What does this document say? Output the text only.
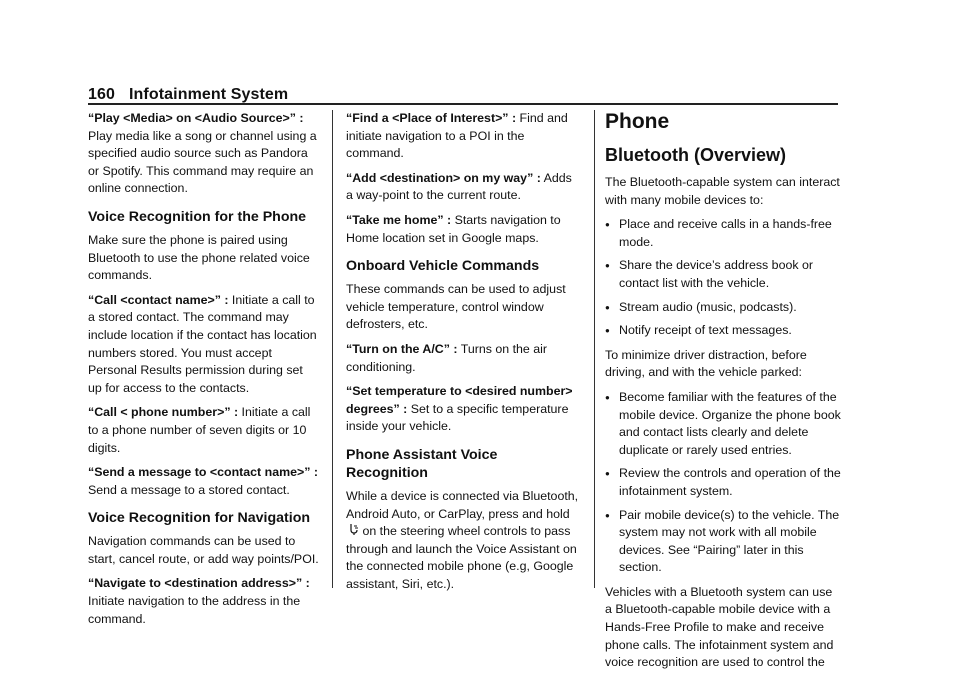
160 Infotainment System

“Play <Media> on <Audio Source>” : Play media like a song or channel using a specified audio source such as Pandora or Spotify. This command may require an online connection.

Voice Recognition for the Phone

Make sure the phone is paired using Bluetooth to use the phone related voice commands.

“Call <contact name>” : Initiate a call to a stored contact. The command may include location if the contact has location numbers stored. You must accept Personal Results permission during set up for access to the contacts.

“Call < phone number>” : Initiate a call to a phone number of seven digits or 10 digits.

“Send a message to <contact name>” : Send a message to a stored contact.

Voice Recognition for Navigation

Navigation commands can be used to start, cancel route, or add way points/POI.

“Navigate to <destination address>” : Initiate navigation to the address in the command.

“Find a <Place of Interest>” : Find and initiate navigation to a POI in the command.

“Add <destination> on my way” : Adds a way-point to the current route.

“Take me home” : Starts navigation to Home location set in Google maps.

Onboard Vehicle Commands

These commands can be used to adjust vehicle temperature, control window defrosters, etc.

“Turn on the A/C” : Turns on the air conditioning.

“Set temperature to <desired number> degrees” : Set to a specific temperature inside your vehicle.

Phone Assistant Voice Recognition

While a device is connected via Bluetooth, Android Auto, or CarPlay, press and hold on the steering wheel controls to pass through and launch the Voice Assistant on the connected mobile phone (e.g, Google assistant, Siri, etc.).

Phone
Bluetooth (Overview)

The Bluetooth-capable system can interact with many mobile devices to:

● Place and receive calls in a hands-free mode.
● Share the device’s address book or contact list with the vehicle.
● Stream audio (music, podcasts).
● Notify receipt of text messages.

To minimize driver distraction, before driving, and with the vehicle parked:

● Become familiar with the features of the mobile device. Organize the phone book and contact lists clearly and delete duplicate or rarely used entries.
● Review the controls and operation of the infotainment system.
● Pair mobile device(s) to the vehicle. The system may not work with all mobile devices. See “Pairing” later in this section.

Vehicles with a Bluetooth system can use a Bluetooth-capable mobile device with a Hands-Free Profile to make and receive phone calls. The infotainment system and voice recognition are used to control the
